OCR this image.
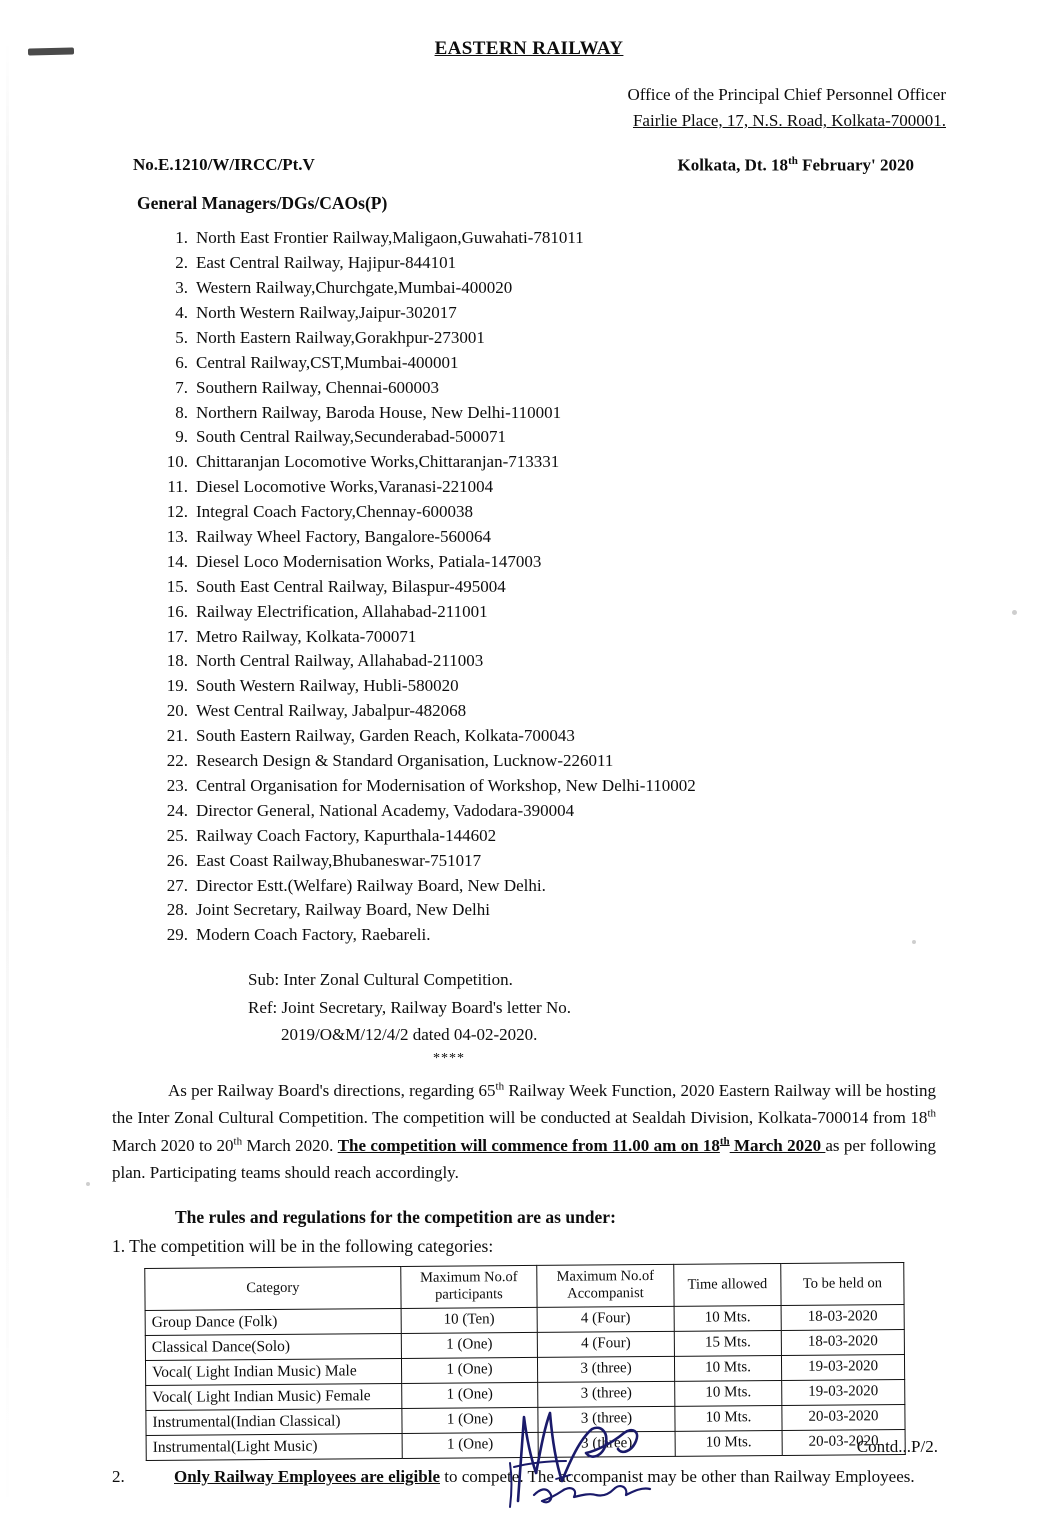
EASTERN RAILWAY
Office of the Principal Chief Personnel Officer
Fairlie Place, 17, N.S. Road, Kolkata-700001.
No.E.1210/W/IRCC/Pt.V	Kolkata, Dt. 18th February' 2020
General Managers/DGs/CAOs(P)
1. North East Frontier Railway,Maligaon,Guwahati-781011
2. East Central Railway, Hajipur-844101
3. Western Railway,Churchgate,Mumbai-400020
4. North Western Railway,Jaipur-302017
5. North Eastern Railway,Gorakhpur-273001
6. Central Railway,CST,Mumbai-400001
7. Southern Railway, Chennai-600003
8. Northern Railway, Baroda House, New Delhi-110001
9. South Central Railway,Secunderabad-500071
10. Chittaranjan Locomotive Works,Chittaranjan-713331
11. Diesel Locomotive Works,Varanasi-221004
12. Integral Coach Factory,Chennay-600038
13. Railway Wheel Factory, Bangalore-560064
14. Diesel Loco Modernisation Works, Patiala-147003
15. South East Central Railway, Bilaspur-495004
16. Railway Electrification, Allahabad-211001
17. Metro Railway, Kolkata-700071
18. North Central Railway, Allahabad-211003
19. South Western Railway, Hubli-580020
20. West Central Railway, Jabalpur-482068
21. South Eastern Railway, Garden Reach, Kolkata-700043
22. Research Design & Standard Organisation, Lucknow-226011
23. Central Organisation for Modernisation of Workshop, New Delhi-110002
24. Director General, National Academy, Vadodara-390004
25. Railway Coach Factory, Kapurthala-144602
26. East Coast Railway,Bhubaneswar-751017
27. Director Estt.(Welfare) Railway Board, New Delhi.
28. Joint Secretary, Railway Board, New Delhi
29. Modern Coach Factory, Raebareli.
Sub: Inter Zonal Cultural Competition.
Ref: Joint Secretary, Railway Board's letter No.
2019/O&M/12/4/2 dated 04-02-2020.
****
As per Railway Board's directions, regarding 65th Railway Week Function, 2020 Eastern Railway will be hosting the Inter Zonal Cultural Competition. The competition will be conducted at Sealdah Division, Kolkata-700014 from 18th March 2020 to 20th March 2020. The competition will commence from 11.00 am on 18th March 2020 as per following plan. Participating teams should reach accordingly.
The rules and regulations for the competition are as under:
1. The competition will be in the following categories:
Category	Maximum No.of participants	Maximum No.of Accompanist	Time allowed	To be held on
Group Dance (Folk)	10 (Ten)	4 (Four)	10 Mts.	18-03-2020
Classical Dance(Solo)	1 (One)	4 (Four)	15 Mts.	18-03-2020
Vocal( Light Indian Music) Male	1 (One)	3 (three)	10 Mts.	19-03-2020
Vocal( Light Indian Music) Female	1 (One)	3 (three)	10 Mts.	19-03-2020
Instrumental(Indian Classical)	1 (One)	3 (three)	10 Mts.	20-03-2020
Instrumental(Light Music)	1 (One)	3 (three)	10 Mts.	20-03-2020
2.	Only Railway Employees are eligible to compete. The accompanist may be other than Railway Employees.
Contd...P/2.
